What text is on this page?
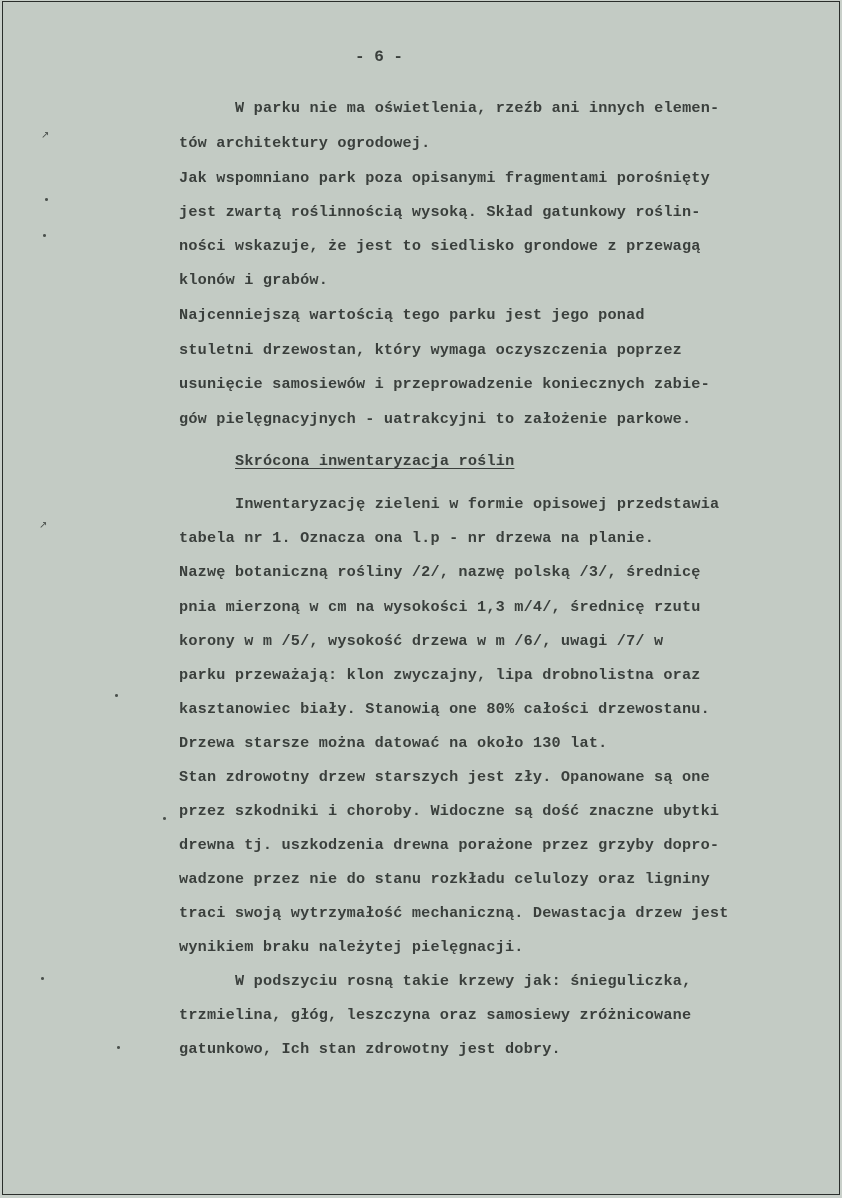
- 6 -
W parku nie ma oświetlenia, rzeźb ani innych elemen-
tów architektury ogrodowej.
Jak wspomniano park poza opisanymi fragmentami porośnięty
jest zwartą roślinnością wysoką. Skład gatunkowy roślin-
ności wskazuje, że jest to siedlisko grondowe z przewagą
klonów i grabów.
Najcenniejszą wartością tego parku jest jego ponad
stuletni drzewostan, który wymaga oczyszczenia poprzez
usunięcie samosiewów i przeprowadzenie koniecznych zabie-
gów pielęgnacyjnych - uatrakcyjni to założenie parkowe.
Skrócona inwentaryzacja roślin
Inwentaryzację zieleni w formie opisowej przedstawia
tabela nr 1. Oznacza ona l.p - nr drzewa na planie.
Nazwę botaniczną rośliny /2/, nazwę polską /3/, średnicę
pnia mierzoną w cm na wysokości 1,3 m/4/, średnicę rzutu
korony w m /5/, wysokość drzewa w m /6/, uwagi /7/ w
parku przeważają: klon zwyczajny, lipa drobnolistna oraz
kasztanowiec biały. Stanowią one 80% całości drzewostanu.
Drzewa starsze można datować na około 130 lat.
Stan zdrowotny drzew starszych jest zły. Opanowane są one
przez szkodniki i choroby. Widoczne są dość znaczne ubytki
drewna tj. uszkodzenia drewna porażone przez grzyby dopro-
wadzone przez nie do stanu rozkładu celulozy oraz ligniny
traci swoją wytrzymałość mechaniczną. Dewastacja drzew jest
wynikiem braku należytej pielęgnacji.
W podszyciu rosną takie krzewy jak: śnieguliczka,
trzmielina, głóg, leszczyna oraz samosiewy zróżnicowane
gatunkowo, Ich stan zdrowotny jest dobry.
↗
↗
